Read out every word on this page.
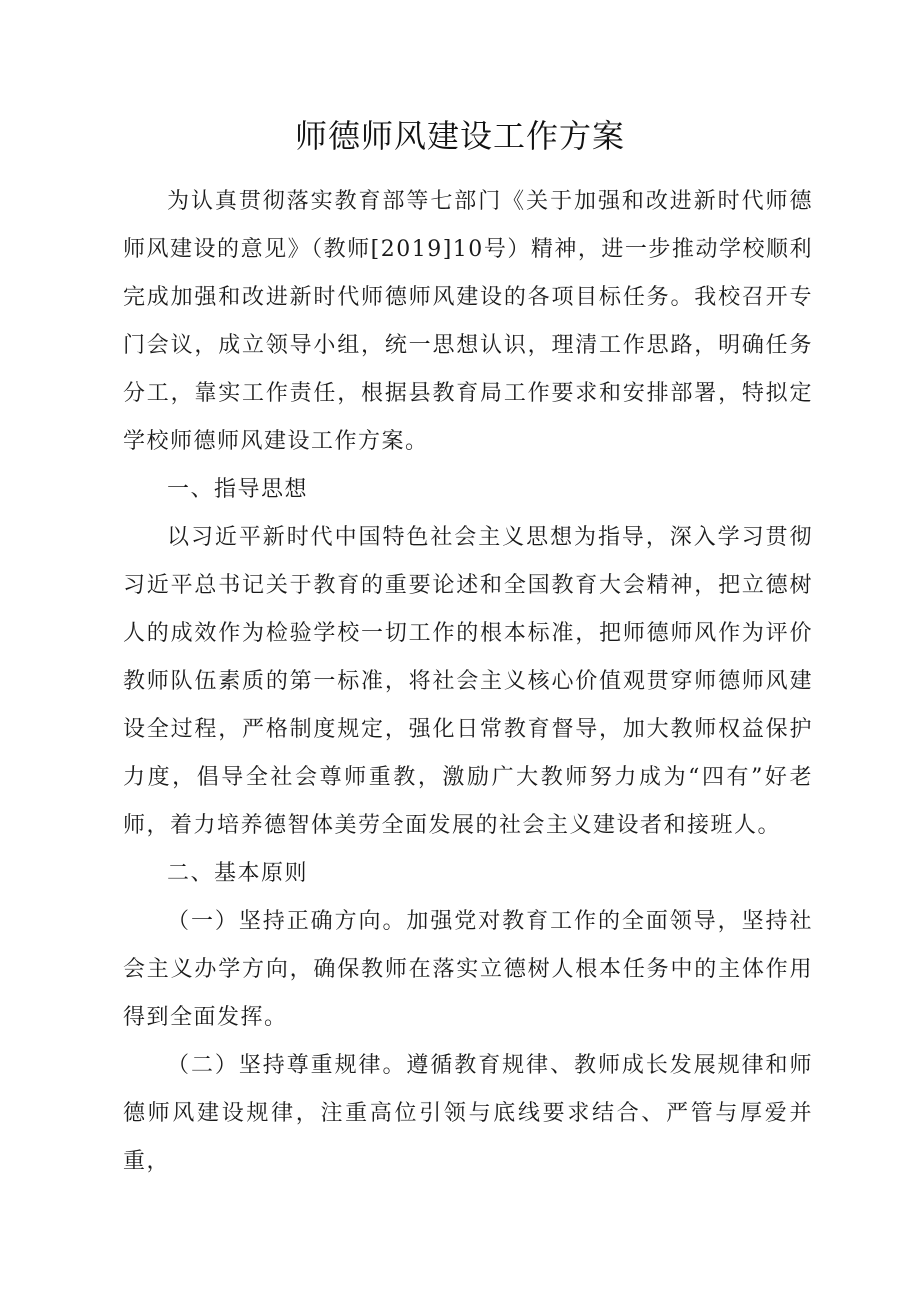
师德师风建设工作方案

为认真贯彻落实教育部等七部门《关于加强和改进新时代师德师风建设的意见》（教师[2019]10号）精神，进一步推动学校顺利完成加强和改进新时代师德师风建设的各项目标任务。我校召开专门会议，成立领导小组，统一思想认识，理清工作思路，明确任务分工，靠实工作责任，根据县教育局工作要求和安排部署，特拟定学校师德师风建设工作方案。

一、指导思想

以习近平新时代中国特色社会主义思想为指导，深入学习贯彻习近平总书记关于教育的重要论述和全国教育大会精神，把立德树人的成效作为检验学校一切工作的根本标准，把师德师风作为评价教师队伍素质的第一标准，将社会主义核心价值观贯穿师德师风建设全过程，严格制度规定，强化日常教育督导，加大教师权益保护力度，倡导全社会尊师重教，激励广大教师努力成为“四有”好老师，着力培养德智体美劳全面发展的社会主义建设者和接班人。

二、基本原则

（一）坚持正确方向。加强党对教育工作的全面领导，坚持社会主义办学方向，确保教师在落实立德树人根本任务中的主体作用得到全面发挥。

（二）坚持尊重规律。遵循教育规律、教师成长发展规律和师德师风建设规律，注重高位引领与底线要求结合、严管与厚爱并重，
